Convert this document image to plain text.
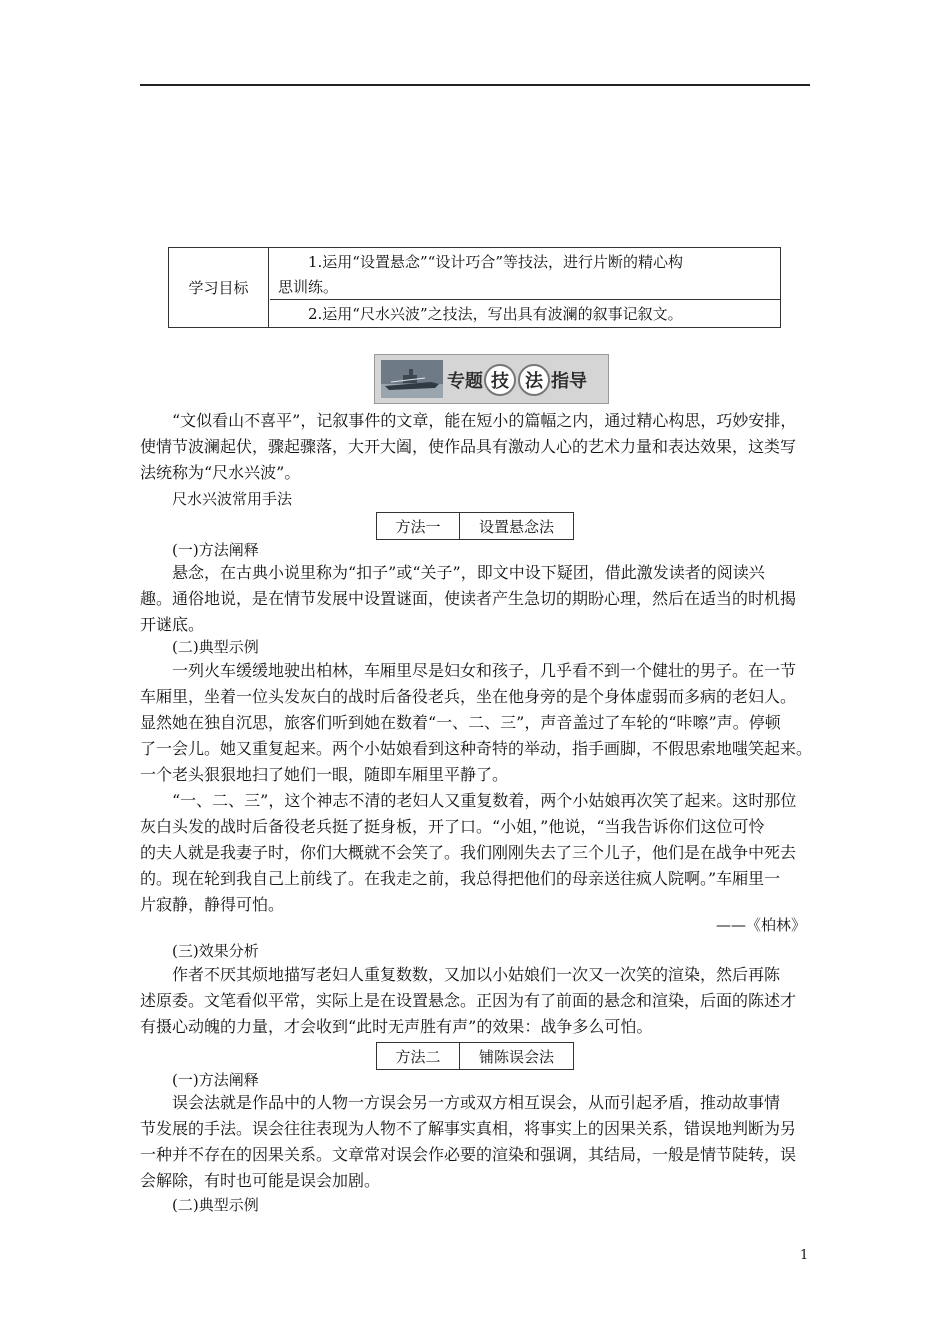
学习目标
1.运用“设置悬念”“设计巧合”等技法，进行片断的精心构
思训练。
2.运用“尺水兴波”之技法，写出具有波澜的叙事记叙文。
专题 技 法 指导
“文似看山不喜平”，记叙事件的文章，能在短小的篇幅之内，通过精心构思，巧妙安排，
使情节波澜起伏，骤起骤落，大开大阖，使作品具有激动人心的艺术力量和表达效果，这类写
法统称为“尺水兴波”。
尺水兴波常用手法
方法一	设置悬念法
(一)方法阐释
悬念，在古典小说里称为“扣子”或“关子”，即文中设下疑团，借此激发读者的阅读兴
趣。通俗地说，是在情节发展中设置谜面，使读者产生急切的期盼心理，然后在适当的时机揭
开谜底。
(二)典型示例
一列火车缓缓地驶出柏林，车厢里尽是妇女和孩子，几乎看不到一个健壮的男子。在一节
车厢里，坐着一位头发灰白的战时后备役老兵，坐在他身旁的是个身体虚弱而多病的老妇人。
显然她在独自沉思，旅客们听到她在数着“一、二、三”，声音盖过了车轮的“咔嚓”声。停顿
了一会儿。她又重复起来。两个小姑娘看到这种奇特的举动，指手画脚，不假思索地嗤笑起来。
一个老头狠狠地扫了她们一眼，随即车厢里平静了。
“一、二、三”，这个神志不清的老妇人又重复数着，两个小姑娘再次笑了起来。这时那位
灰白头发的战时后备役老兵挺了挺身板，开了口。“小姐，”他说，“当我告诉你们这位可怜
的夫人就是我妻子时，你们大概就不会笑了。我们刚刚失去了三个儿子，他们是在战争中死去
的。现在轮到我自己上前线了。在我走之前，我总得把他们的母亲送往疯人院啊。”车厢里一
片寂静，静得可怕。
——《柏林》
(三)效果分析
作者不厌其烦地描写老妇人重复数数，又加以小姑娘们一次又一次笑的渲染，然后再陈
述原委。文笔看似平常，实际上是在设置悬念。正因为有了前面的悬念和渲染，后面的陈述才
有摄心动魄的力量，才会收到“此时无声胜有声”的效果：战争多么可怕。
方法二	铺陈误会法
(一)方法阐释
误会法就是作品中的人物一方误会另一方或双方相互误会，从而引起矛盾，推动故事情
节发展的手法。误会往往表现为人物不了解事实真相，将事实上的因果关系，错误地判断为另
一种并不存在的因果关系。文章常对误会作必要的渲染和强调，其结局，一般是情节陡转，误
会解除，有时也可能是误会加剧。
(二)典型示例
1
